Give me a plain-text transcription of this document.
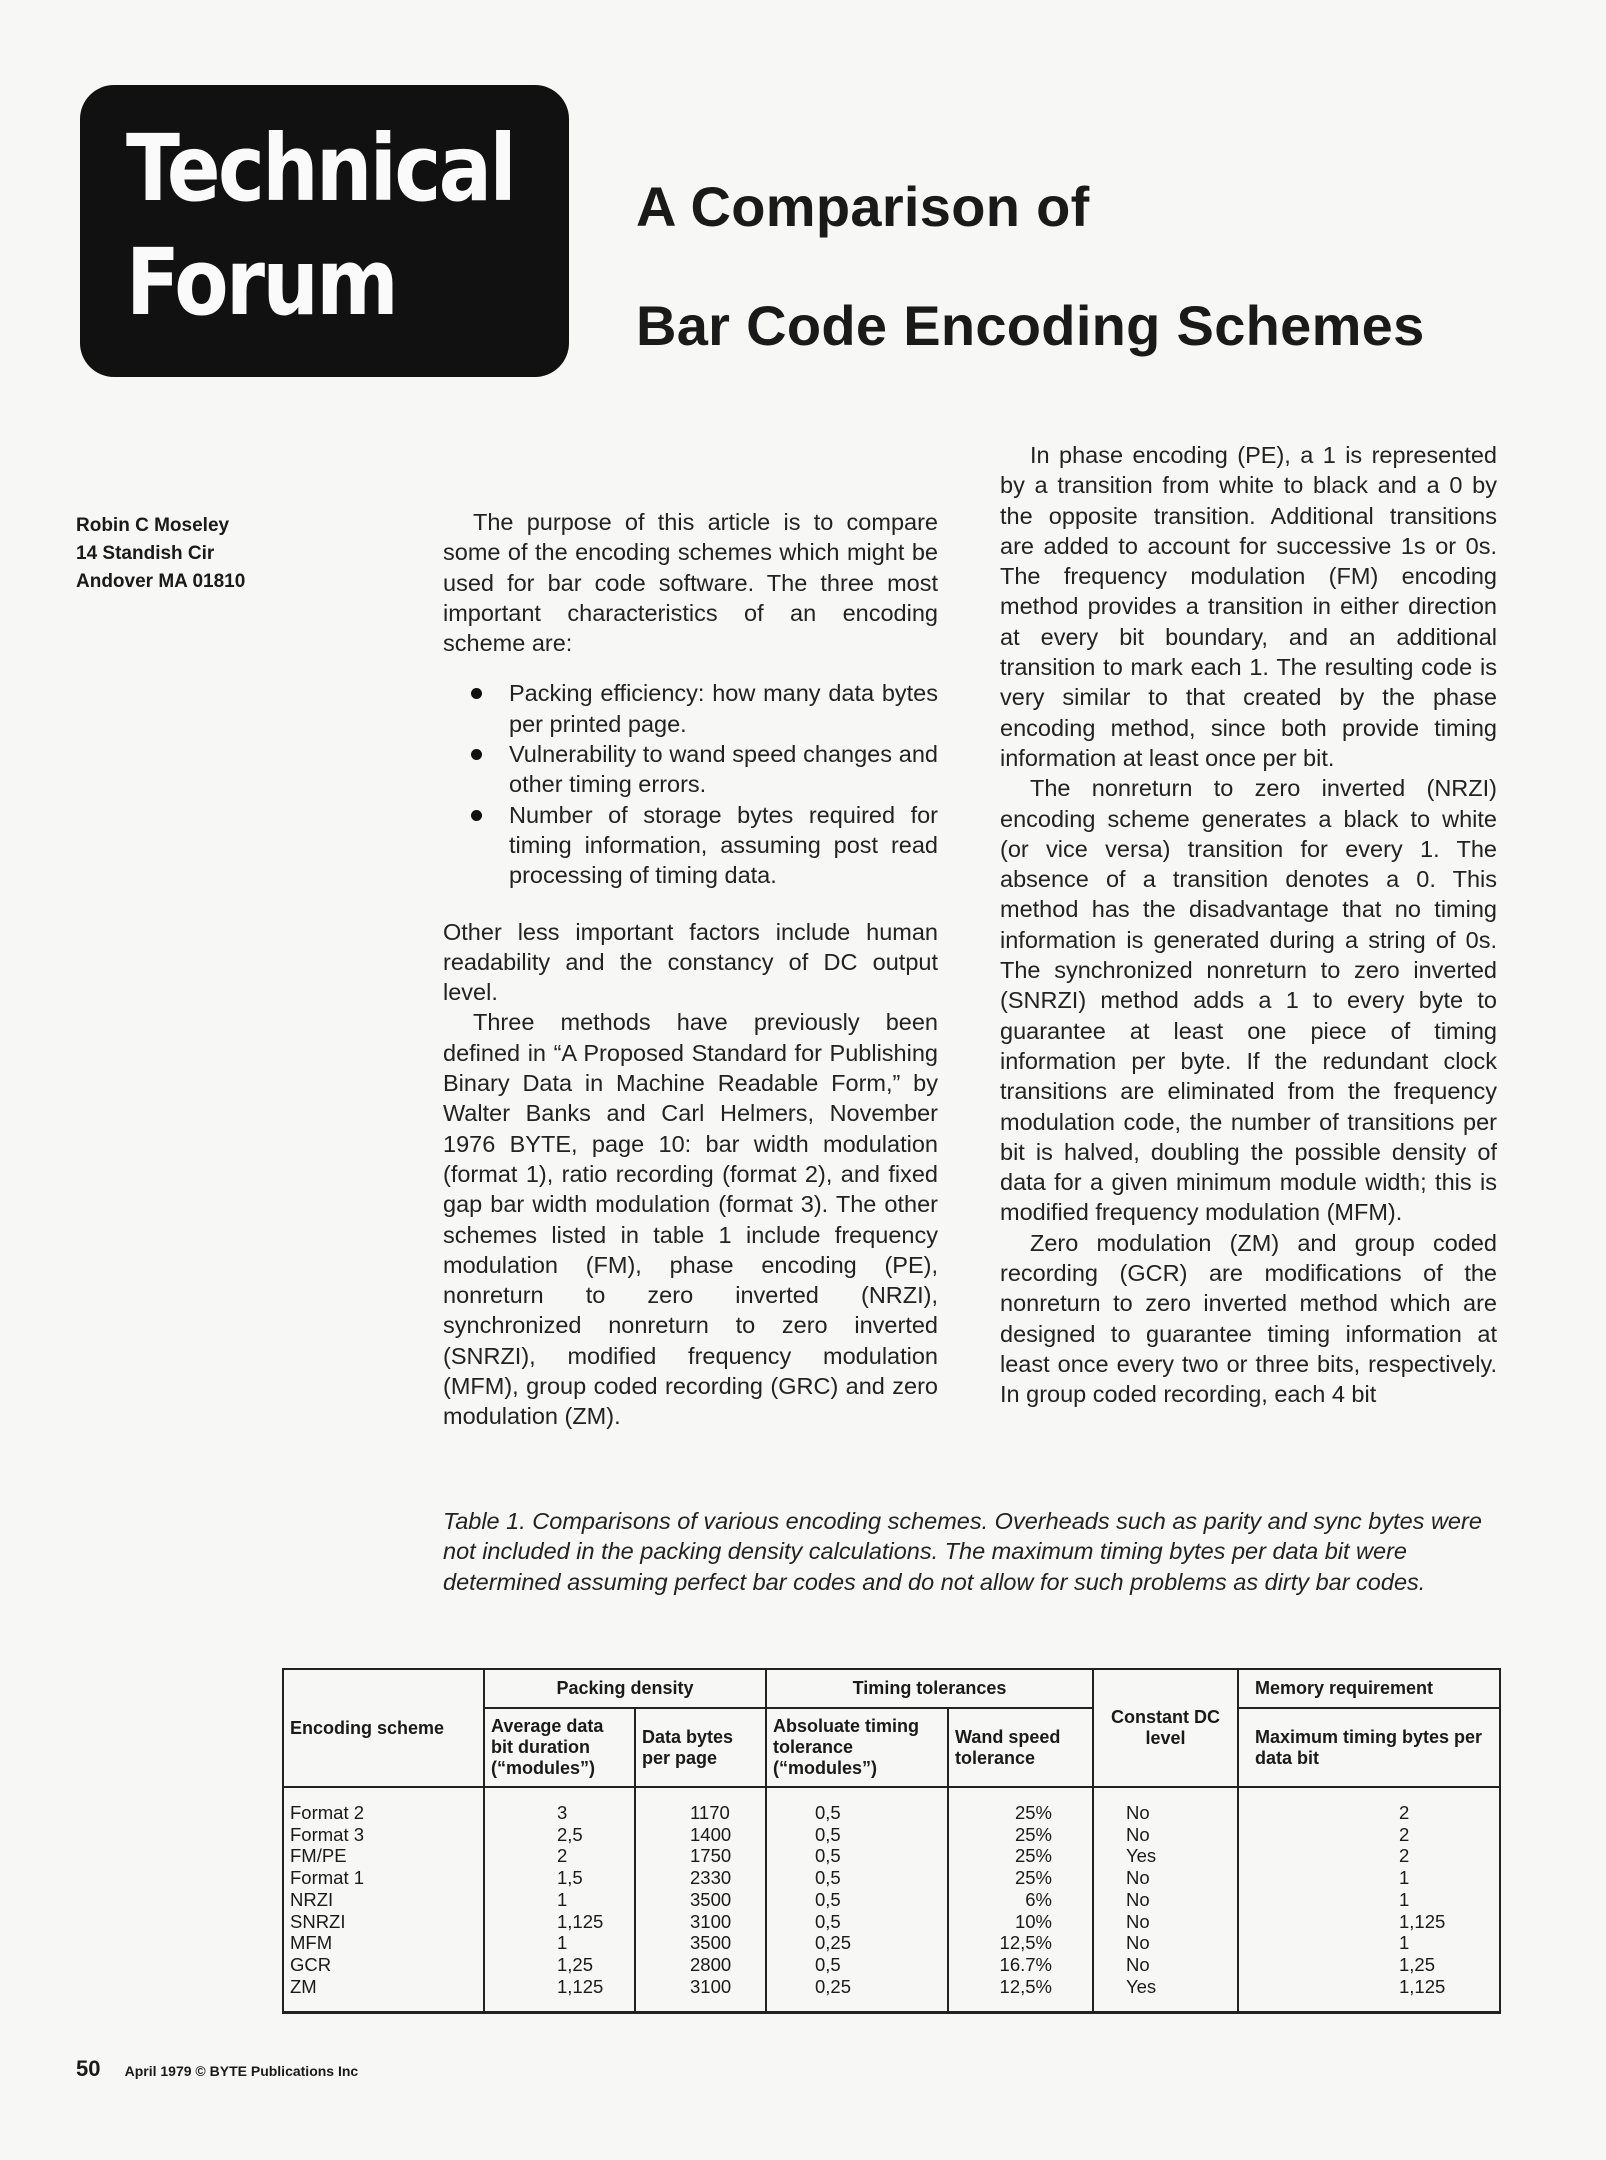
Technical
Forum
A Comparison of
Bar Code Encoding Schemes
Robin C Moseley
14 Standish Cir
Andover MA 01810

The purpose of this article is to compare some of the encoding schemes which might be used for bar code software. The three most important characteristics of an encoding scheme are:

Packing efficiency: how many data bytes per printed page.
Vulnerability to wand speed changes and other timing errors.
Number of storage bytes required for timing information, assuming post read processing of timing data.

Other less important factors include human readability and the constancy of DC output level.

Three methods have previously been defined in “A Proposed Standard for Publishing Binary Data in Machine Readable Form,” by Walter Banks and Carl Helmers, November 1976 BYTE, page 10: bar width modulation (format 1), ratio recording (format 2), and fixed gap bar width modulation (format 3). The other schemes listed in table 1 include frequency modulation (FM), phase encoding (PE), nonreturn to zero inverted (NRZI), synchronized nonreturn to zero inverted (SNRZI), modified frequency modulation (MFM), group coded recording (GRC) and zero modulation (ZM).

In phase encoding (PE), a 1 is represented by a transition from white to black and a 0 by the opposite transition. Additional transitions are added to account for successive 1s or 0s. The frequency modulation (FM) encoding method provides a transition in either direction at every bit boundary, and an additional transition to mark each 1. The resulting code is very similar to that created by the phase encoding method, since both provide timing information at least once per bit.

The nonreturn to zero inverted (NRZI) encoding scheme generates a black to white (or vice versa) transition for every 1. The absence of a transition denotes a 0. This method has the disadvantage that no timing information is generated during a string of 0s. The synchronized nonreturn to zero inverted (SNRZI) method adds a 1 to every byte to guarantee at least one piece of timing information per byte. If the redundant clock transitions are eliminated from the frequency modulation code, the number of transitions per bit is halved, doubling the possible density of data for a given minimum module width; this is modified frequency modulation (MFM).

Zero modulation (ZM) and group coded recording (GCR) are modifications of the nonreturn to zero inverted method which are designed to guarantee timing information at least once every two or three bits, respectively. In group coded recording, each 4 bit

Table 1. Comparisons of various encoding schemes. Overheads such as parity and sync bytes were not included in the packing density calculations. The maximum timing bytes per data bit were determined assuming perfect bar codes and do not allow for such problems as dirty bar codes.
Encoding scheme	Packing density		Timing tolerances		Constant DC level	Memory requirement
	Average data bit duration (“modules”)	Data bytes per page	Absoluate timing tolerance (“modules”)	Wand speed tolerance		Maximum timing bytes per data bit
Format 2	3	1170	0,5	25%	No	2
Format 3	2,5	1400	0,5	25%	No	2
FM/PE	2	1750	0,5	25%	Yes	2
Format 1	1,5	2330	0,5	25%	No	1
NRZI	1	3500	0,5	6%	No	1
SNRZI	1,125	3100	0,5	10%	No	1,125
MFM	1	3500	0,25	12,5%	No	1
GCR	1,25	2800	0,5	16.7%	No	1,25
ZM	1,125	3100	0,25	12,5%	Yes	1,125
50 April 1979 © BYTE Publications Inc
